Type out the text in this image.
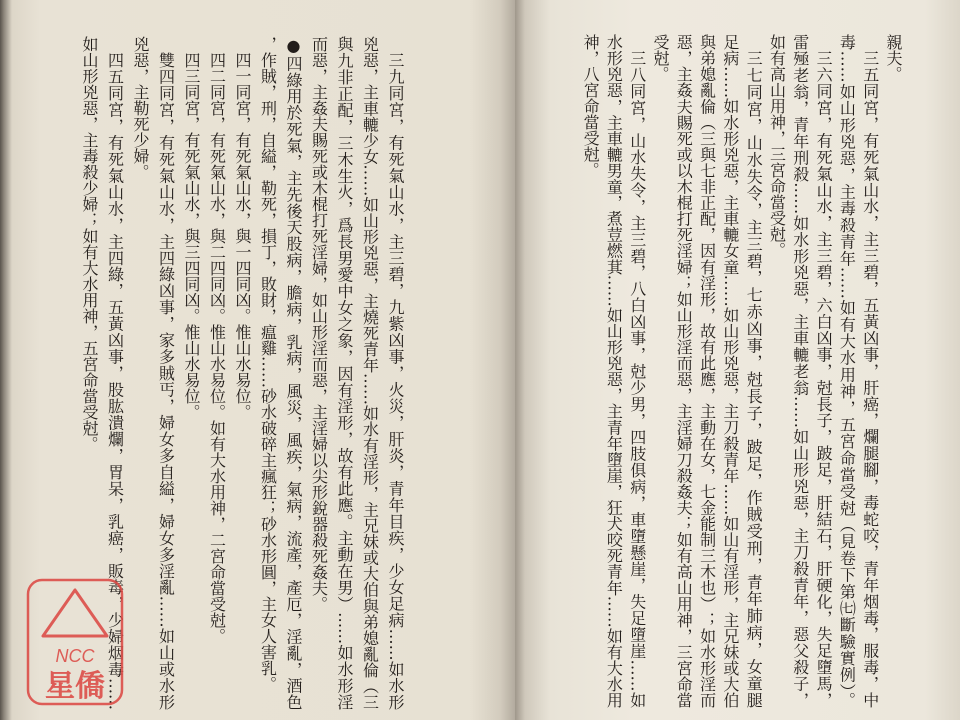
三九同宮，有死氣山水，主三碧，九紫凶事，火災，肝炎，青年目疾，少女足病……如水形
兇惡，主車轆少女……如山形兇惡，主燒死青年……如水有淫形，主兄妹或大伯與弟媳亂倫（三
與九非正配，三木生火，爲長男愛中女之象，因有淫形，故有此應。主動在男）……如水形淫
而惡，主姦夫賜死或木棍打死淫婦，如山形淫而惡，主淫婦以尖形銳器殺死姦夫。
●四綠用於死氣，主先後天股病，膽病，乳病，風災，風疾，氣病，流產，產厄，淫亂，酒色
，作賊，刑，自縊，勒死，損丁，敗財，瘟雞……砂水破碎主瘋狂；砂水形圓，主女人害乳。
四一同宮，有死氣山水，與一四同凶。惟山水易位。
四二同宮，有死氣山水，與二四同凶。惟山水易位。如有大水用神，二宮命當受尅。
四三同宮，有死氣山水，與三四同凶。惟山水易位。
雙四同宮，有死氣山水，主四綠凶事，家多賊丐，婦女多自縊，婦女多淫亂……如山或水形
兇惡，主勒死少婦。
四五同宮，有死氣山水，主四綠，五黃凶事，股肱潰爛，胃呆，乳癌，販毒，少婦烟毒……
如山形兇惡，主毒殺少婦；如有大水用神，五宮命當受尅。	親夫。
三五同宮，有死氣山水，主三碧，五黃凶事，肝癌，爛腿腳，毒蛇咬，青年烟毒，服毒，中
毒……如山形兇惡，主毒殺青年……如有大水用神，五宮命當受尅（見卷下第㈦斷驗實例）。
三六同宮，有死氣山水，主三碧，六白凶事，尅長子，跛足，肝結石，肝硬化，失足墮馬，
雷殛老翁，青年刑殺……如水形兇惡，主車轆老翁……如山形兇惡，主刀殺青年，惡父殺子，
如有高山用神，三宮命當受尅。
三七同宮，山水失令，主三碧，七赤凶事，尅長子，跛足，作賊受刑，青年肺病，女童腿
足病……如水形兇惡，主車轆女童……如山形兇惡，主刀殺青年……如山有淫形，主兄妹或大伯
與弟媳亂倫（三與七非正配，因有淫形，故有此應，主動在女，七金能制三木也）；如水形淫而
惡，主姦夫賜死或以木棍打死淫婦；如山形淫而惡，主淫婦刀殺姦夫；如有高山用神，三宮命當
受尅。
三八同宮，山水失令，主三碧，八白凶事，尅少男，四肢俱病，車墮懸崖，失足墮崖……如
水形兇惡，主車轆男童，煮荳燃萁……如山形兇惡，主青年墮崖，狂犬咬死青年……如有大水用
神，八宮命當受尅。
NCC
星僑
